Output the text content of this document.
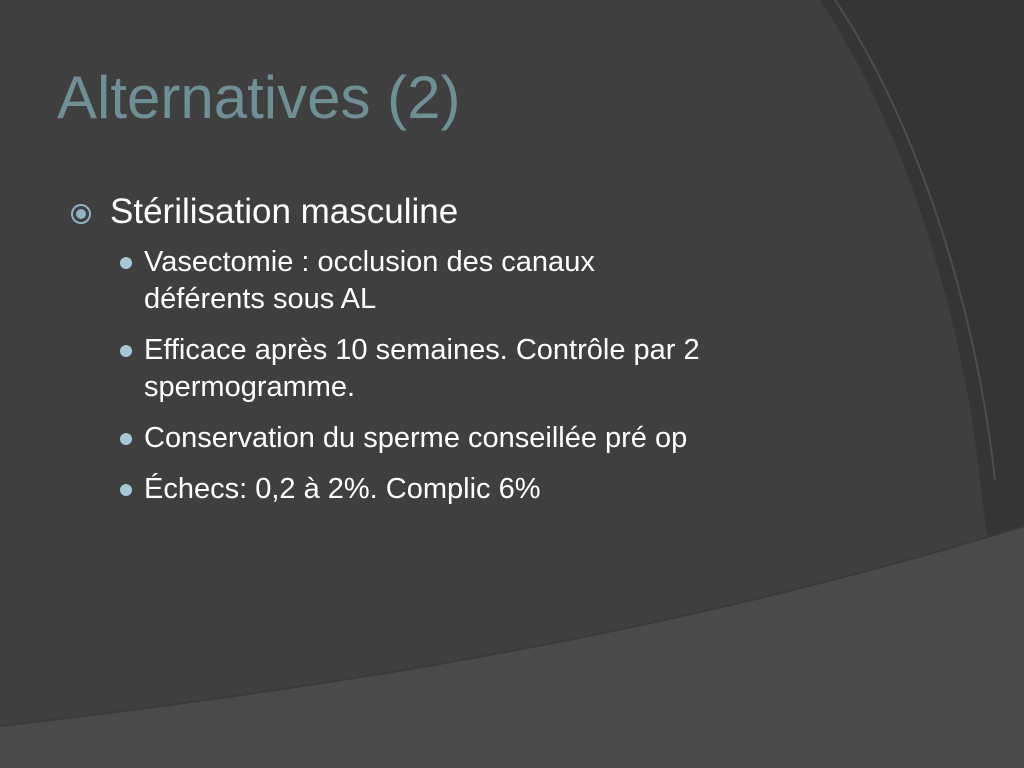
Alternatives (2)
Stérilisation masculine
Vasectomie : occlusion des canaux
déférents sous AL
Efficace après 10 semaines. Contrôle par 2
spermogramme.
Conservation du sperme conseillée pré op
Échecs: 0,2 à 2%. Complic 6%
